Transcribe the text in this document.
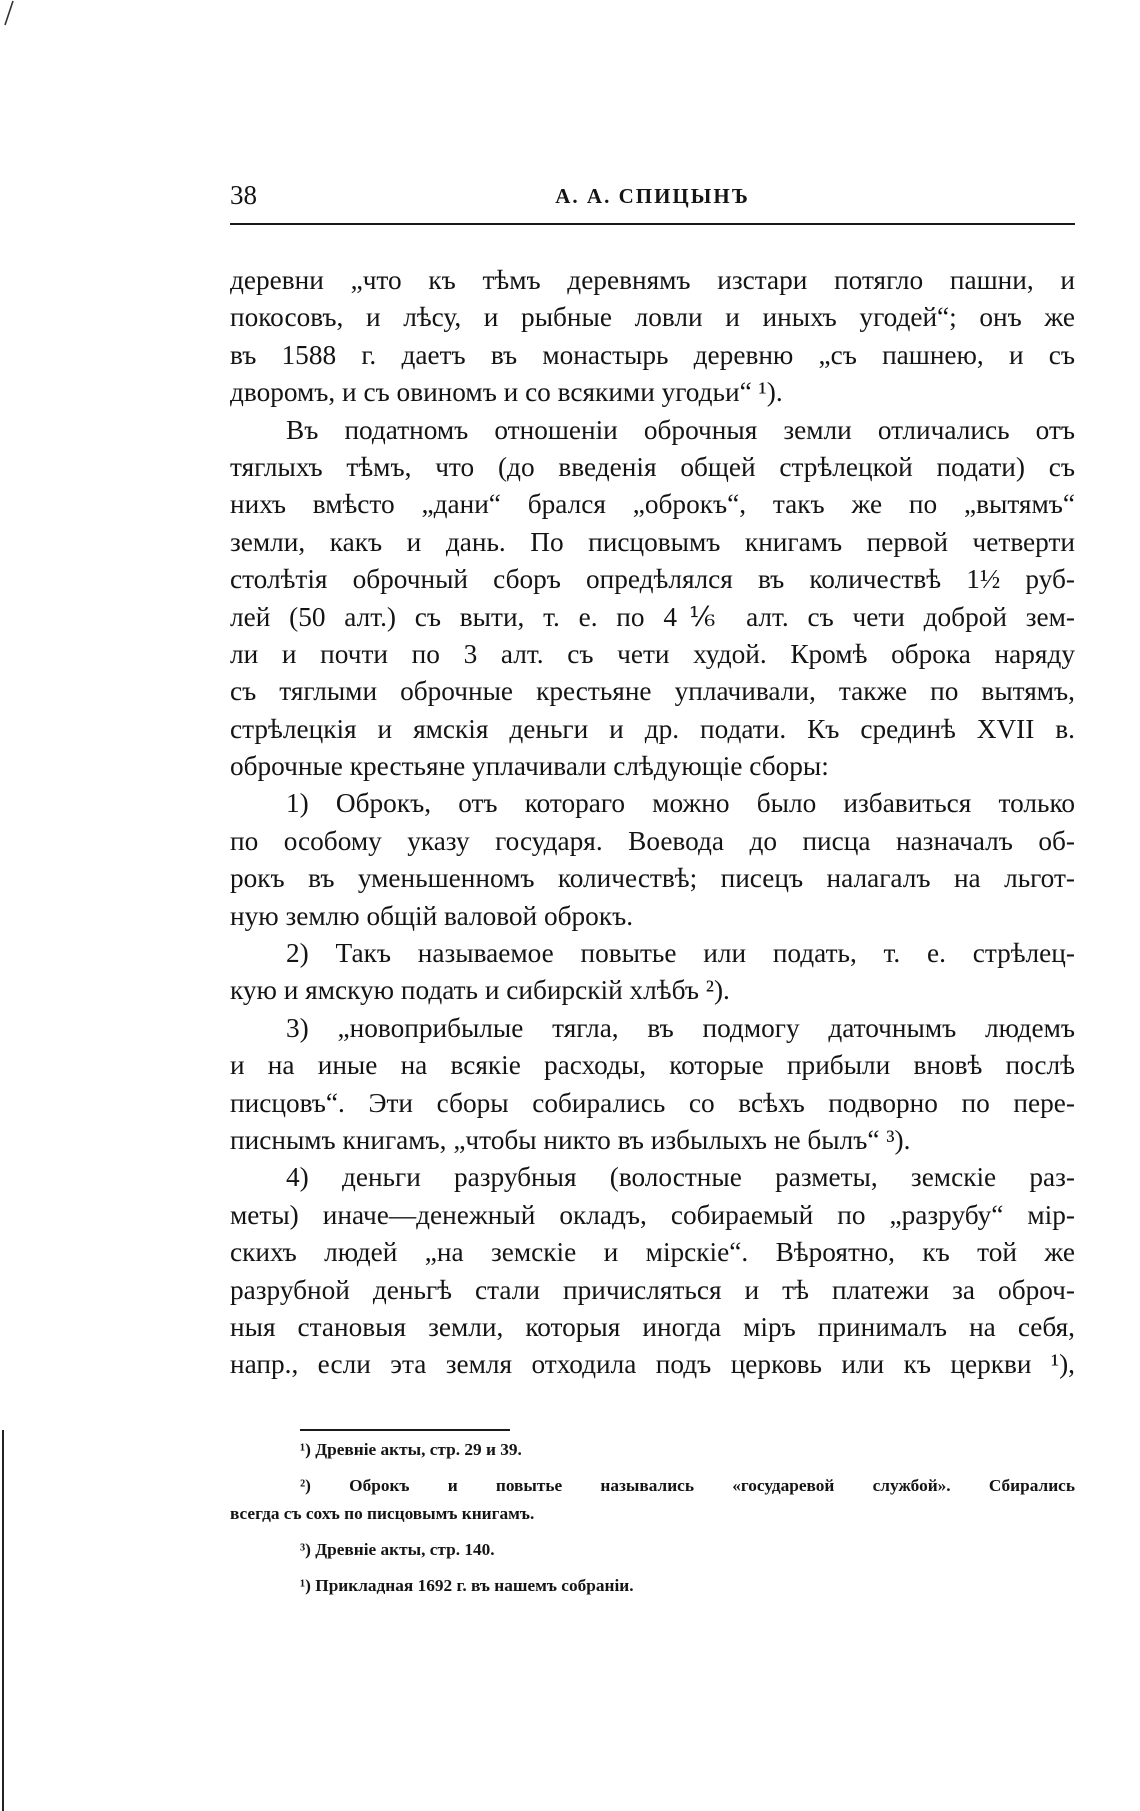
38	А. А. СПИЦЫНЪ
деревни „что къ тѣмъ деревнямъ изстари потягло пашни, и
покосовъ, и лѣсу, и рыбные ловли и иныхъ угодей“; онъ же
въ 1588 г. даетъ въ монастырь деревню „съ пашнею, и съ
дворомъ, и съ овиномъ и со всякими угодьи“ ¹).
Въ податномъ отношеніи оброчныя земли отличались отъ
тяглыхъ тѣмъ, что (до введенія общей стрѣлецкой подати) съ
нихъ вмѣсто „дани“ брался „оброкъ“, такъ же по „вытямъ“
земли, какъ и дань. По писцовымъ книгамъ первой четверти
столѣтія оброчный сборъ опредѣлялся въ количествѣ 1½ руб-
лей (50 алт.) съ выти, т. е. по 4⅙ алт. съ чети доброй зем-
ли и почти по 3 алт. съ чети худой. Кромѣ оброка наряду
съ тяглыми оброчные крестьяне уплачивали, также по вытямъ,
стрѣлецкія и ямскія деньги и др. подати. Къ срединѣ XVII в.
оброчные крестьяне уплачивали слѣдующіе сборы:
1) Оброкъ, отъ котораго можно было избавиться только
по особому указу государя. Воевода до писца назначалъ об-
рокъ въ уменьшенномъ количествѣ; писецъ налагалъ на льгот-
ную землю общій валовой оброкъ.
2) Такъ называемое повытье или подать, т. е. стрѣлец-
кую и ямскую подать и сибирскій хлѣбъ ²).
3) „новоприбылые тягла, въ подмогу даточнымъ людемъ
и на иные на всякіе расходы, которые прибыли внoвѣ послѣ
писцовъ“. Эти сборы собирались со всѣхъ подворно по пере-
писнымъ книгамъ, „чтобы никто въ избылыхъ не былъ“ ³).
4) деньги разрубныя (волостные разметы, земскіе раз-
меты) иначе—денежный окладъ, собираемый по „разрубу“ мір-
скихъ людей „на земскіе и мірскіе“. Вѣроятно, къ той же
разрубной деньгѣ стали причисляться и тѣ платежи за оброч-
ныя становыя земли, которыя иногда міръ принималъ на себя,
напр., если эта земля отходила подъ церковь или къ церкви ¹),
¹) Древніе акты, стр. 29 и 39.
²) Оброкъ и повытье назывались «государевой службой». Сбирались
всегда съ сохъ по писцовымъ книгамъ.
³) Древніе акты, стр. 140.
¹) Прикладная 1692 г. въ нашемъ собраніи.
